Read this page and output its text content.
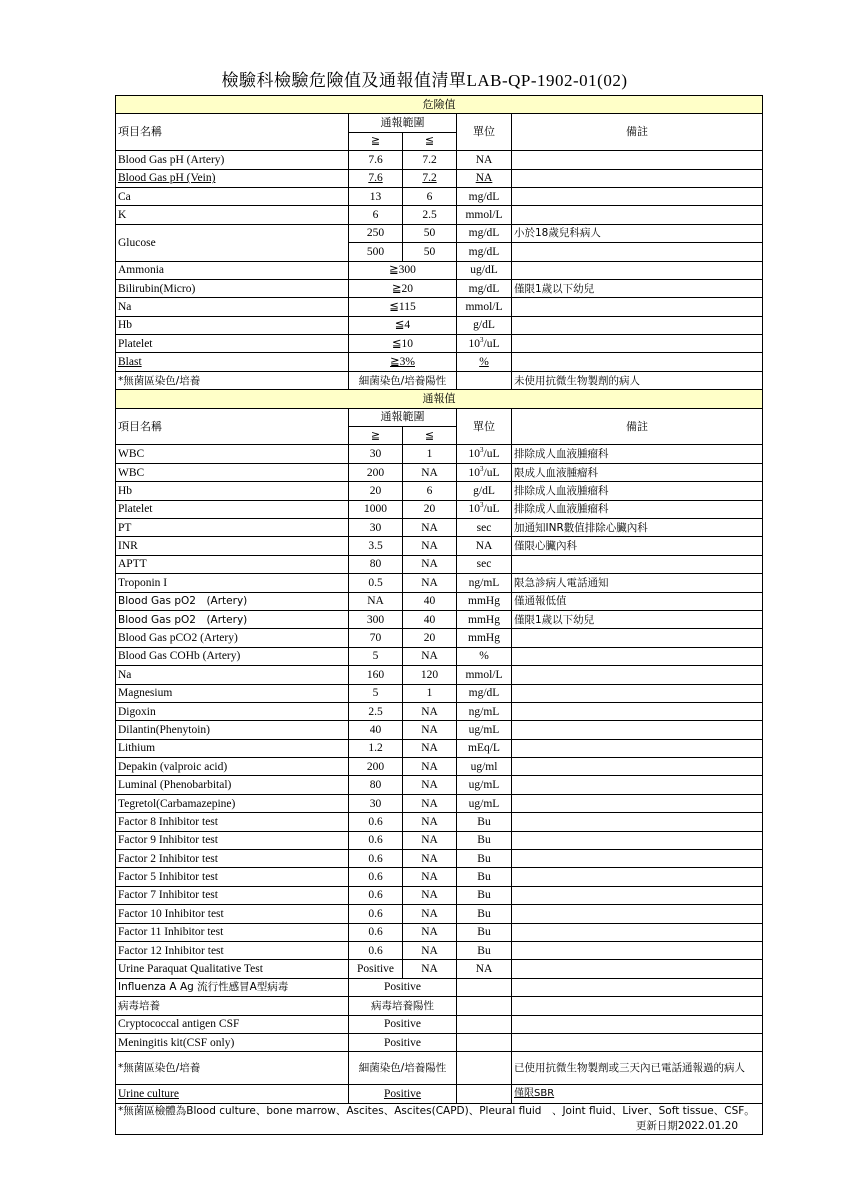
檢驗科檢驗危險值及通報值清單LAB-QP-1902-01(02)
危險值				
項目名稱	通報範圍		單位	備註
	≧	≦		
Blood Gas pH (Artery)	7.6	7.2	NA	
Blood Gas pH (Vein)	7.6	7.2	NA	
Ca	13	6	mg/dL	
K	6	2.5	mmol/L	
Glucose	250	50	mg/dL	小於18歲兒科病人
	500	50	mg/dL	
Ammonia	≧300		ug/dL	
Bilirubin(Micro)	≧20		mg/dL	僅限1歲以下幼兒
Na	≦115		mmol/L	
Hb	≦4		g/dL	
Platelet	≦10		$10^3/uL$	
Blast	≧3%		%	
*無菌區染色/培養	細菌染色/培養陽性			未使用抗微生物製劑的病人
通報值				
項目名稱	通報範圍		單位	備註
	≧	≦		
WBC	30	1	$10^3/uL$	排除成人血液腫瘤科
WBC	200	NA	$10^3/uL$	限成人血液腫瘤科
Hb	20	6	g/dL	排除成人血液腫瘤科
Platelet	1000	20	$10^3/uL$	排除成人血液腫瘤科
PT	30	NA	sec	加通知INR數值排除心臟內科
INR	3.5	NA	NA	僅限心臟內科
APTT	80	NA	sec	
Troponin I	0.5	NA	ng/mL	限急診病人電話通知
Blood Gas pO2　(Artery)	NA	40	mmHg	僅通報低值
Blood Gas pO2　(Artery)	300	40	mmHg	僅限1歲以下幼兒
Blood Gas pCO2 (Artery)	70	20	mmHg	
Blood Gas COHb (Artery)	5	NA	%	
Na	160	120	mmol/L	
Magnesium	5	1	mg/dL	
Digoxin	2.5	NA	ng/mL	
Dilantin(Phenytoin)	40	NA	ug/mL	
Lithium	1.2	NA	mEq/L	
Depakin (valproic acid)	200	NA	ug/ml	
Luminal (Phenobarbital)	80	NA	ug/mL	
Tegretol(Carbamazepine)	30	NA	ug/mL	
Factor 8 Inhibitor test	0.6	NA	Bu	
Factor 9 Inhibitor test	0.6	NA	Bu	
Factor 2 Inhibitor test	0.6	NA	Bu	
Factor 5 Inhibitor test	0.6	NA	Bu	
Factor 7 Inhibitor test	0.6	NA	Bu	
Factor 10 Inhibitor test	0.6	NA	Bu	
Factor 11 Inhibitor test	0.6	NA	Bu	
Factor 12 Inhibitor test	0.6	NA	Bu	
Urine Paraquat Qualitative Test	Positive	NA	NA	
Influenza A Ag 流行性感冒A型病毒	Positive			
病毒培養	病毒培養陽性			
Cryptococcal antigen CSF	Positive			
Meningitis kit(CSF only)	Positive			
*無菌區染色/培養	細菌染色/培養陽性			已使用抗微生物製劑或三天內已電話通報過的病人
Urine culture	Positive			僅限SBR
*無菌區檢體為Blood culture、bone marrow、Ascites、Ascites(CAPD)、Pleural fluid　、Joint fluid、Liver、Soft tissue、CSF。

更新日期2022.01.20				
